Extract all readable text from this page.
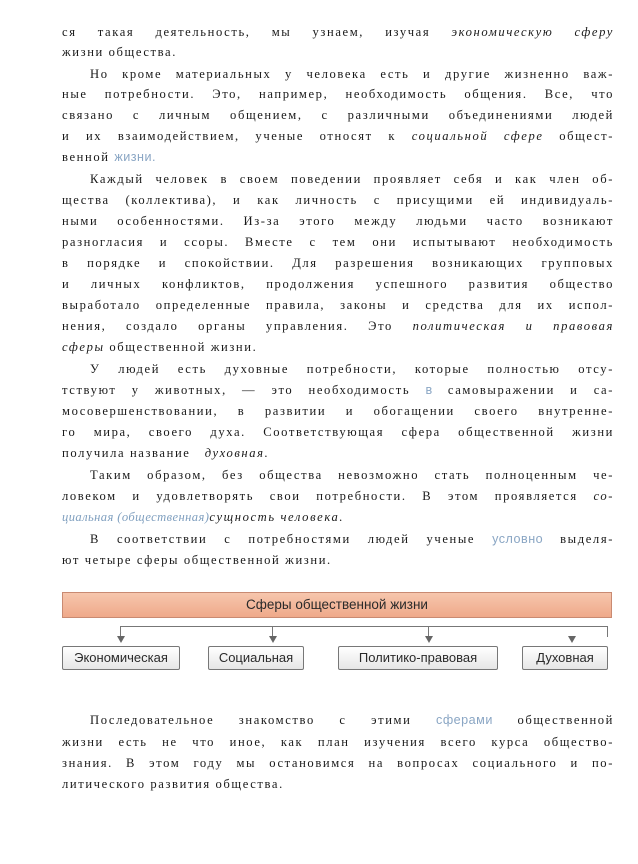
ся такая деятельность, мы узнаем, изучая экономическую сферу
жизни общества.
Но кроме материальных у человека есть и другие жизненно важ-
ные потребности. Это, например, необходимость общения. Все, что
связано с личным общением, с различными объединениями людей
и их взаимодействием, ученые относят к социальной сфере общест-
венной жизни.
Каждый человек в своем поведении проявляет себя и как член об-
щества (коллектива), и как личность с присущими ей индивидуаль-
ными особенностями. Из-за этого между людьми часто возникают
разногласия и ссоры. Вместе с тем они испытывают необходимость
в порядке и спокойствии. Для разрешения возникающих групповых
и личных конфликтов, продолжения успешного развития общество
выработало определенные правила, законы и средства для их испол-
нения, создало органы управления. Это политическая и правовая
сферы общественной жизни.
У людей есть духовные потребности, которые полностью отсу-
тствуют у животных, — это необходимость в самовыражении и са-
мосовершенствовании, в развитии и обогащении своего внутренне-
го мира, своего духа. Соответствующая сфера общественной жизни
получила название духовная.
Таким образом, без общества невозможно стать полноценным че-
ловеком и удовлетворять свои потребности. В этом проявляется со-
циальная (общественная)сущность человека.
В соответствии с потребностями людей ученые условно выделя-
ют четыре сферы общественной жизни.
Последовательное знакомство с этими сферами общественной
жизни есть не что иное, как план изучения всего курса общество-
знания. В этом году мы остановимся на вопросах социального и по-
литического развития общества.
Сферы общественной жизни
Экономическая	Социальная	Политико-правовая	Духовная
